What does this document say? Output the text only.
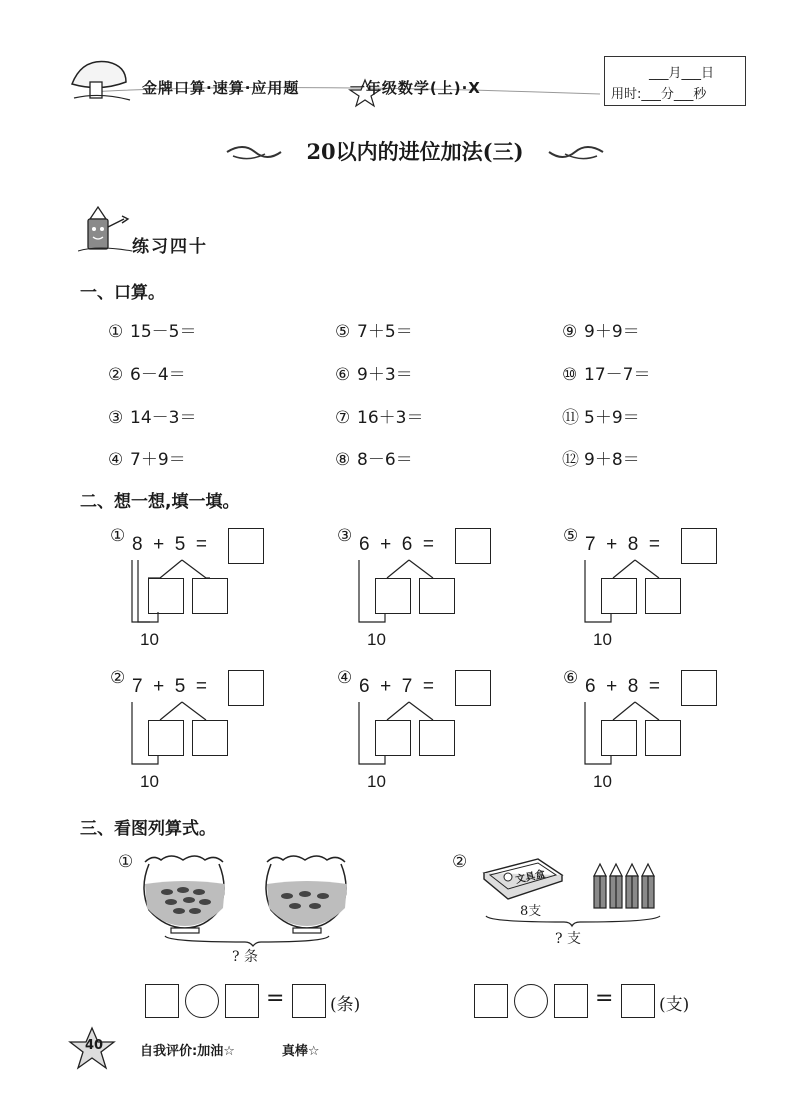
金牌口算·速算·应用题	一年级数学(上)·X
___月___日
用时:___分___秒
20以内的进位加法(三)
练习四十
一、口算。
① 15－5＝
② 6－4＝
③ 14－3＝
④ 7＋9＝
⑤ 7＋5＝
⑥ 9＋3＝
⑦ 16＋3＝
⑧ 8－6＝
⑨ 9＋9＝
⑩ 17－7＝
⑪ 5＋9＝
⑫ 9＋8＝
二、想一想,填一填。
① 8  +  5  =
10
③ 6  +  6  =
10
⑤ 7  +  8  =
10
② 7  +  5  =
10
④ 6  +  7  =
10
⑥ 6  +  8  =
10
三、看图列算式。
①
? 条
②
文具盒
8支
? 支
=	(条)	=	(支)
40	自我评价:加油☆	真棒☆
